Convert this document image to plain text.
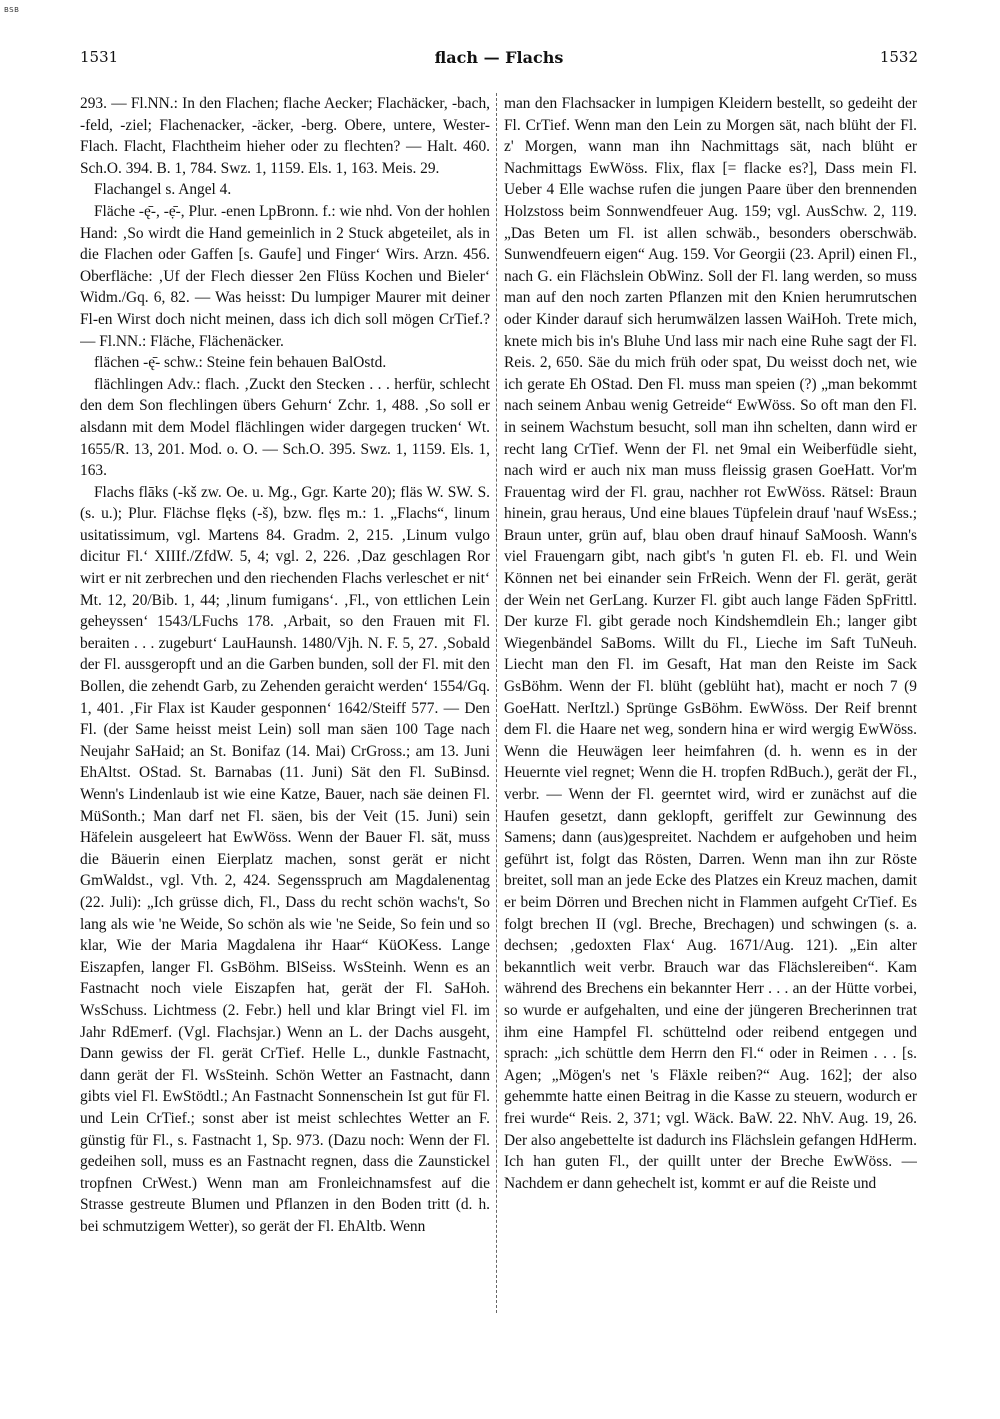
BSB
1531	flach — Flachs	1532

293. — Fl.NN.: In den Flachen; flache Aecker; Flachäcker, -bach, -feld, -ziel; Flachenacker, -äcker, -berg. Obere, untere, Wester-Flach. Flacht, Flachtheim hieher oder zu flechten? — Halt. 460. Sch.O. 394. B. 1, 784. Swz. 1, 1159. Els. 1, 163. Meis. 29.

Flachangel s. Angel 4.

Fläche -ę̄-, -ẹ̄-, Plur. -enen LpBronn. f.: wie nhd. Von der hohlen Hand: ‚So wirdt die Hand gemeinlich in 2 Stuck abgeteilet, als in die Flachen oder Gaffen [s. Gaufe] und Finger‘ Wirs. Arzn. 456. Oberfläche: ‚Uf der Flech diesser 2en Flüss Kochen und Bieler‘ Widm./Gq. 6, 82. — Was heisst: Du lumpiger Maurer mit deiner Fl-en Wirst doch nicht meinen, dass ich dich soll mögen CrTief.? — Fl.NN.: Fläche, Flächenäcker.

flächen -ę̄- schw.: Steine fein behauen BalOstd.

flächlingen Adv.: flach. ‚Zuckt den Stecken . . . herfür, schlecht den dem Son flechlingen übers Gehurn‘ Zchr. 1, 488. ‚So soll er alsdann mit dem Model flächlingen wider dargegen trucken‘ Wt. 1655/R. 13, 201. Mod. o. O. — Sch.O. 395. Swz. 1, 1159. Els. 1, 163.

Flachs flāks (-kš zw. Oe. u. Mg., Ggr. Karte 20); fläs W. SW. S. (s. u.); Plur. Flächse flęks (-š), bzw. flęs m.: 1. „Flachs“, linum usitatissimum, vgl. Martens 84. Gradm. 2, 215. ‚Linum vulgo dicitur Fl.‘ XIIIf./ZfdW. 5, 4; vgl. 2, 226. ‚Daz geschlagen Ror wirt er nit zerbrechen und den riechenden Flachs verleschet er nit‘ Mt. 12, 20/Bib. 1, 44; ‚linum fumigans‘. ‚Fl., von ettlichen Lein geheyssen‘ 1543/LFuchs 178. ‚Arbait, so den Frauen mit Fl. beraiten . . . zugeburt‘ LauHaunsh. 1480/Vjh. N. F. 5, 27. ‚Sobald der Fl. aussgeropft und an die Garben bunden, soll der Fl. mit den Bollen, die zehendt Garb, zu Zehenden geraicht werden‘ 1554/Gq. 1, 401. ‚Fir Flax ist Kauder gesponnen‘ 1642/Steiff 577. — Den Fl. (der Same heisst meist Lein) soll man säen 100 Tage nach Neujahr SaHaid; an St. Bonifaz (14. Mai) CrGross.; am 13. Juni EhAltst. OStad. St. Barnabas (11. Juni) Sät den Fl. SuBinsd. Wenn's Lindenlaub ist wie eine Katze, Bauer, nach säe deinen Fl. MüSonth.; Man darf net Fl. säen, bis der Veit (15. Juni) sein Häfelein ausgeleert hat EwWöss. Wenn der Bauer Fl. sät, muss die Bäuerin einen Eierplatz machen, sonst gerät er nicht GmWaldst., vgl. Vth. 2, 424. Segensspruch am Magdalenentag (22. Juli): „Ich grüsse dich, Fl., Dass du recht schön wachs't, So lang als wie 'ne Weide, So schön als wie 'ne Seide, So fein und so klar, Wie der Maria Magdalena ihr Haar“ KüOKess. Lange Eiszapfen, langer Fl. GsBöhm. BlSeiss. WsSteinh. Wenn es an Fastnacht noch viele Eiszapfen hat, gerät der Fl. SaHoh. WsSchuss. Lichtmess (2. Febr.) hell und klar Bringt viel Fl. im Jahr RdEmerf. (Vgl. Flachsjar.) Wenn an L. der Dachs ausgeht, Dann gewiss der Fl. gerät CrTief. Helle L., dunkle Fastnacht, dann gerät der Fl. WsSteinh. Schön Wetter an Fastnacht, dann gibts viel Fl. EwStödtl.; An Fastnacht Sonnenschein Ist gut für Fl. und Lein CrTief.; sonst aber ist meist schlechtes Wetter an F. günstig für Fl., s. Fastnacht 1, Sp. 973. (Dazu noch: Wenn der Fl. gedeihen soll, muss es an Fastnacht regnen, dass die Zaunstickel tropfnen CrWest.) Wenn man am Fronleichnamsfest auf die Strasse gestreute Blumen und Pflanzen in den Boden tritt (d. h. bei schmutzigem Wetter), so gerät der Fl. EhAltb. Wenn

man den Flachsacker in lumpigen Kleidern bestellt, so gedeiht der Fl. CrTief. Wenn man den Lein zu Morgen sät, nach blüht der Fl. z' Morgen, wann man ihn Nachmittags sät, nach blüht er Nachmittags EwWöss. Flix, flax [= flacke es?], Dass mein Fl. Ueber 4 Elle wachse rufen die jungen Paare über den brennenden Holzstoss beim Sonnwendfeuer Aug. 159; vgl. AusSchw. 2, 119. „Das Beten um Fl. ist allen schwäb., besonders oberschwäb. Sunwendfeuern eigen“ Aug. 159. Vor Georgii (23. April) einen Fl., nach G. ein Flächslein ObWinz. Soll der Fl. lang werden, so muss man auf den noch zarten Pflanzen mit den Knien herumrutschen oder Kinder darauf sich herumwälzen lassen WaiHoh. Trete mich, knete mich bis in's Bluhe Und lass mir nach eine Ruhe sagt der Fl. Reis. 2, 650. Säe du mich früh oder spat, Du weisst doch net, wie ich gerate Eh OStad. Den Fl. muss man speien (?) „man bekommt nach seinem Anbau wenig Getreide“ EwWöss. So oft man den Fl. in seinem Wachstum besucht, soll man ihn schelten, dann wird er recht lang CrTief. Wenn der Fl. net 9mal ein Weiberfüdle sieht, nach wird er auch nix man muss fleissig grasen GoeHatt. Vor'm Frauentag wird der Fl. grau, nachher rot EwWöss. Rätsel: Braun hinein, grau heraus, Und eine blaues Tüpfelein drauf 'nauf WsEss.; Braun unter, grün auf, blau oben drauf hinauf SaMoosh. Wann's viel Frauengarn gibt, nach gibt's 'n guten Fl. eb. Fl. und Wein Können net bei einander sein FrReich. Wenn der Fl. gerät, gerät der Wein net GerLang. Kurzer Fl. gibt auch lange Fäden SpFrittl. Der kurze Fl. gibt gerade noch Kindshemdlein Eh.; langer gibt Wiegenbändel SaBoms. Willt du Fl., Lieche im Saft TuNeuh. Liecht man den Fl. im Gesaft, Hat man den Reiste im Sack GsBöhm. Wenn der Fl. blüht (geblüht hat), macht er noch 7 (9 GoeHatt. NerItzl.) Sprünge GsBöhm. EwWöss. Der Reif brennt dem Fl. die Haare net weg, sondern hina er wird wergig EwWöss. Wenn die Heuwägen leer heimfahren (d. h. wenn es in der Heuernte viel regnet; Wenn die H. tropfen RdBuch.), gerät der Fl., verbr. — Wenn der Fl. geerntet wird, wird er zunächst auf die Haufen gesetzt, dann geklopft, geriffelt zur Gewinnung des Samens; dann (aus)gespreitet. Nachdem er aufgehoben und heim geführt ist, folgt das Rösten, Darren. Wenn man ihn zur Röste breitet, soll man an jede Ecke des Platzes ein Kreuz machen, damit er beim Dörren und Brechen nicht in Flammen aufgeht CrTief. Es folgt brechen II (vgl. Breche, Brechagen) und schwingen (s. a. dechsen; ‚gedoxten Flax‘ Aug. 1671/Aug. 121). „Ein alter bekanntlich weit verbr. Brauch war das Flächslereiben“. Kam während des Brechens ein bekannter Herr . . . an der Hütte vorbei, so wurde er aufgehalten, und eine der jüngeren Brecherinnen trat ihm eine Hampfel Fl. schüttelnd oder reibend entgegen und sprach: „ich schüttle dem Herrn den Fl.“ oder in Reimen . . . [s. Agen; „Mögen's net 's Fläxle reiben?“ Aug. 162]; der also gehemmte hatte einen Beitrag in die Kasse zu steuern, wodurch er frei wurde“ Reis. 2, 371; vgl. Wäck. BaW. 22. NhV. Aug. 19, 26. Der also angebettelte ist dadurch ins Flächslein gefangen HdHerm. Ich han guten Fl., der quillt unter der Breche EwWöss. — Nachdem er dann gehechelt ist, kommt er auf die Reiste und
